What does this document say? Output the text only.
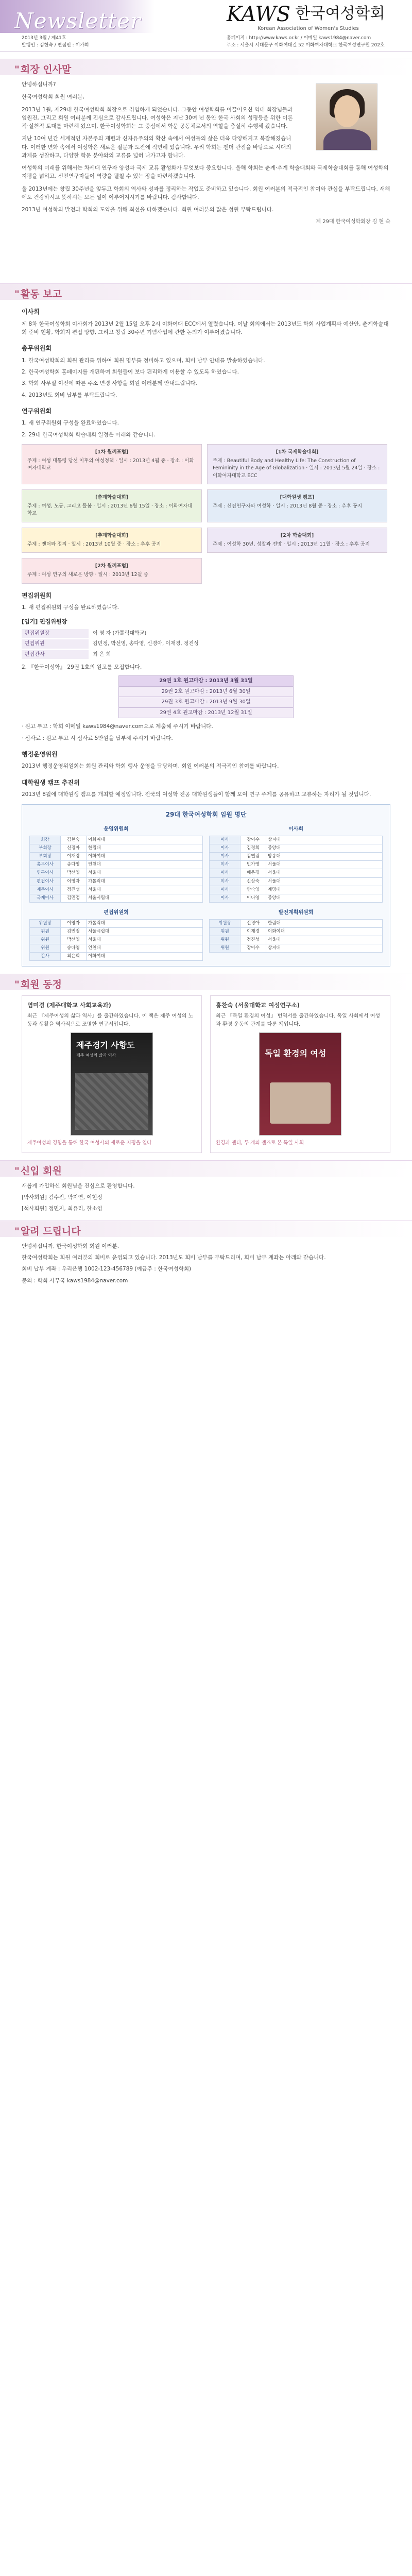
Newsletter	KAWS 한국여성학회
Korean Association of Women's Studies
2013년 3월 / 제41호
발행인 : 김현숙 / 편집인 : 이가희
홈페이지 : http://www.kaws.or.kr / 이메일 kaws1984@naver.com
주소 : 서울시 서대문구 이화여대길 52 이화여자대학교 한국여성연구원 202호
" 회장 인사말

안녕하십니까?

한국여성학회 회원 여러분,

2013년 1월, 제29대 한국여성학회 회장으로 취임하게 되었습니다. 그동안 여성학회를 이끌어오신 역대 회장님들과 임원진, 그리고 회원 여러분께 진심으로 감사드립니다. 여성학은 지난 30여 년 동안 한국 사회의 성평등을 위한 이론적·실천적 토대를 마련해 왔으며, 한국여성학회는 그 중심에서 학문 공동체로서의 역할을 충실히 수행해 왔습니다.

지난 10여 년간 세계적인 자본주의 재편과 신자유주의의 확산 속에서 여성들의 삶은 더욱 다양해지고 복잡해졌습니다. 이러한 변화 속에서 여성학은 새로운 질문과 도전에 직면해 있습니다. 우리 학회는 젠더 관점을 바탕으로 시대의 과제를 성찰하고, 다양한 학문 분야와의 교류를 넓혀 나가고자 합니다.

여성학의 미래를 위해서는 차세대 연구자 양성과 국제 교류 활성화가 무엇보다 중요합니다. 올해 학회는 춘계·추계 학술대회와 국제학술대회를 통해 여성학의 지평을 넓히고, 신진연구자들이 역량을 펼칠 수 있는 장을 마련하겠습니다.

올 2013년에는 창립 30주년을 앞두고 학회의 역사와 성과를 정리하는 작업도 준비하고 있습니다. 회원 여러분의 적극적인 참여와 관심을 부탁드립니다. 새해에도 건강하시고 뜻하시는 모든 일이 이루어지시기를 바랍니다. 감사합니다.

2013년 여성학의 발전과 학회의 도약을 위해 최선을 다하겠습니다. 회원 여러분의 많은 성원 부탁드립니다.

제 29대 한국여성학회장 김 현 숙
" 활동 보고
이사회

제 8차 한국여성학회 이사회가 2013년 2월 15일 오후 2시 이화여대 ECC에서 열렸습니다. 이날 회의에서는 2013년도 학회 사업계획과 예산안, 춘계학술대회 준비 현황, 학회지 편집 방향, 그리고 창립 30주년 기념사업에 관한 논의가 이루어졌습니다.

총무위원회

1. 한국여성학회의 회원 관리를 위하여 회원 명부를 정비하고 있으며, 회비 납부 안내를 발송하였습니다.

2. 한국여성학회 홈페이지를 개편하여 회원들이 보다 편리하게 이용할 수 있도록 하였습니다.

3. 학회 사무실 이전에 따른 주소 변경 사항을 회원 여러분께 안내드립니다.

4. 2013년도 회비 납부를 부탁드립니다.

연구위원회

1. 새 연구위원회 구성을 완료하였습니다.

2. 29대 한국여성학회 학술대회 일정은 아래와 같습니다.

[1차 월례포럼]
주제 : 여성 대통령 당선 이후의 여성정책 · 일시 : 2013년 4월 중 · 장소 : 이화여자대학교
[1차 국제학술대회]
주제 : Beautiful Body and Healthy Life: The Construction of Femininity in the Age of Globalization · 일시 : 2013년 5월 24일 · 장소 : 이화여자대학교 ECC
[춘계학술대회]
주제 : 여성, 노동, 그리고 돌봄 · 일시 : 2013년 6월 15일 · 장소 : 이화여자대학교
[대학원생 캠프]
주제 : 신진연구자와 여성학 · 일시 : 2013년 8월 중 · 장소 : 추후 공지
[추계학술대회]
주제 : 젠더와 정의 · 일시 : 2013년 10월 중 · 장소 : 추후 공지
[2차 학술대회]
주제 : 여성학 30년, 성찰과 전망 · 일시 : 2013년 11월 · 장소 : 추후 공지
[2차 월례포럼]
주제 : 여성 연구의 새로운 방향 · 일시 : 2013년 12월 중
편집위원회

1. 새 편집위원회 구성을 완료하였습니다.

[임기] 편집위원장
편집위원장	이 영 자 (가톨릭대학교)
편집위원	김민정, 박선영, 송다영, 신경아, 이재경, 정진성
편집간사	최 은 희

2. 『한국여성학』 29권 1호의 원고를 모집합니다.

29권 1호 원고마감 : 2013년 3월 31일
29권 2호 원고마감 : 2013년 6월 30일
29권 3호 원고마감 : 2013년 9월 30일
29권 4호 원고마감 : 2013년 12월 31일

· 원고 투고 : 학회 이메일 kaws1984@naver.com으로 제출해 주시기 바랍니다.

· 심사료 : 원고 투고 시 심사료 5만원을 납부해 주시기 바랍니다.

행정운영위원

2013년 행정운영위원회는 회원 관리와 학회 행사 운영을 담당하며, 회원 여러분의 적극적인 참여를 바랍니다.

대학원생 캠프 추진위

2013년 8월에 대학원생 캠프를 개최할 예정입니다. 전국의 여성학 전공 대학원생들이 함께 모여 연구 주제를 공유하고 교류하는 자리가 될 것입니다.

29대 한국여성학회 임원 명단
운영위원회
회장	김현숙	이화여대
부회장	신경아	한림대
부회장	이재경	이화여대
총무이사	송다영	인천대
연구이사	박선영	서울대
편집이사	이영자	가톨릭대
재무이사	정진성	서울대
국제이사	김민정	서울시립대
이사회
이사	강이수	상지대
이사	김경희	중앙대
이사	김엘림	방송대
이사	민가영	서울대
이사	배은경	서울대
이사	신상숙	서울대
이사	안숙영	계명대
이사	이나영	중앙대
편집위원회
위원장	이영자	가톨릭대
위원	김민정	서울시립대
위원	박선영	서울대
위원	송다영	인천대
간사	최은희	이화여대
발전계획위원회
위원장	신경아	한림대
위원	이재경	이화여대
위원	정진성	서울대
위원	강이수	상지대
" 회원 동정
염미경 (제주대학교 사회교육과)
최근 『제주여성의 삶과 역사』를 출간하였습니다. 이 책은 제주 여성의 노동과 생활을 역사적으로 조명한 연구서입니다.
제주경기 사항도
제주 여성의 삶과 역사
제주여성의 경험을 통해 한국 여성사의 새로운 지평을 열다
홍찬숙 (서울대학교 여성연구소)
최근 『독일 환경의 여성』 번역서를 출간하였습니다. 독일 사회에서 여성과 환경 운동의 관계를 다룬 책입니다.
독일 환경의 여성
환경과 젠더, 두 개의 렌즈로 본 독일 사회
" 신입 회원

새롭게 가입하신 회원님을 진심으로 환영합니다.

[박사회원] 김수진, 박지연, 이현정

[석사회원] 정민지, 최유리, 한소영

" 알려 드립니다

안녕하십니까, 한국여성학회 회원 여러분.

한국여성학회는 회원 여러분의 회비로 운영되고 있습니다. 2013년도 회비 납부를 부탁드리며, 회비 납부 계좌는 아래와 같습니다.

회비 납부 계좌 : 우리은행 1002-123-456789 (예금주 : 한국여성학회)

문의 : 학회 사무국 kaws1984@naver.com
